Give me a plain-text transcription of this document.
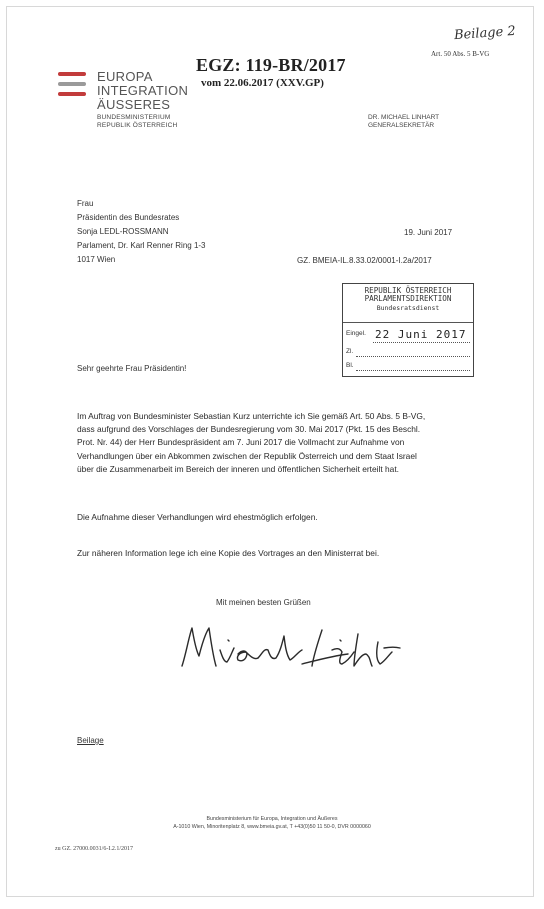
Beilage 2
Art. 50 Abs. 5 B-VG
EGZ: 119-BR/2017
vom 22.06.2017 (XXV.GP)
EUROPA
INTEGRATION
ÄUSSERES
BUNDESMINISTERIUM
REPUBLIK ÖSTERREICH
DR. MICHAEL LINHART
GENERALSEKRETÄR
Frau
Präsidentin des Bundesrates
Sonja LEDL-ROSSMANN
Parlament, Dr. Karl Renner Ring 1-3
1017 Wien
19. Juni 2017
GZ. BMEIA-IL.8.33.02/0001-I.2a/2017
REPUBLIK ÖSTERREICH
PARLAMENTSDIREKTION
Bundesratsdienst
Eingel. 22 Juni 2017
Zl.
Bl.
Sehr geehrte Frau Präsidentin!
Im Auftrag von Bundesminister Sebastian Kurz unterrichte ich Sie gemäß Art. 50 Abs. 5 B-VG,
dass aufgrund des Vorschlages der Bundesregierung vom 30. Mai 2017 (Pkt. 15 des Beschl.
Prot. Nr. 44) der Herr Bundespräsident am 7. Juni 2017 die Vollmacht zur Aufnahme von
Verhandlungen über ein Abkommen zwischen der Republik Österreich und dem Staat Israel
über die Zusammenarbeit im Bereich der inneren und öffentlichen Sicherheit erteilt hat.
Die Aufnahme dieser Verhandlungen wird ehestmöglich erfolgen.
Zur näheren Information lege ich eine Kopie des Vortrages an den Ministerrat bei.
Mit meinen besten Grüßen
Beilage
Bundesministerium für Europa, Integration und Äußeres
A-1010 Wien, Minoritenplatz 8, www.bmeia.gv.at, T +43(0)50 11 50-0, DVR 0000060
zu GZ. 27000.0031/6-I.2.1/2017
